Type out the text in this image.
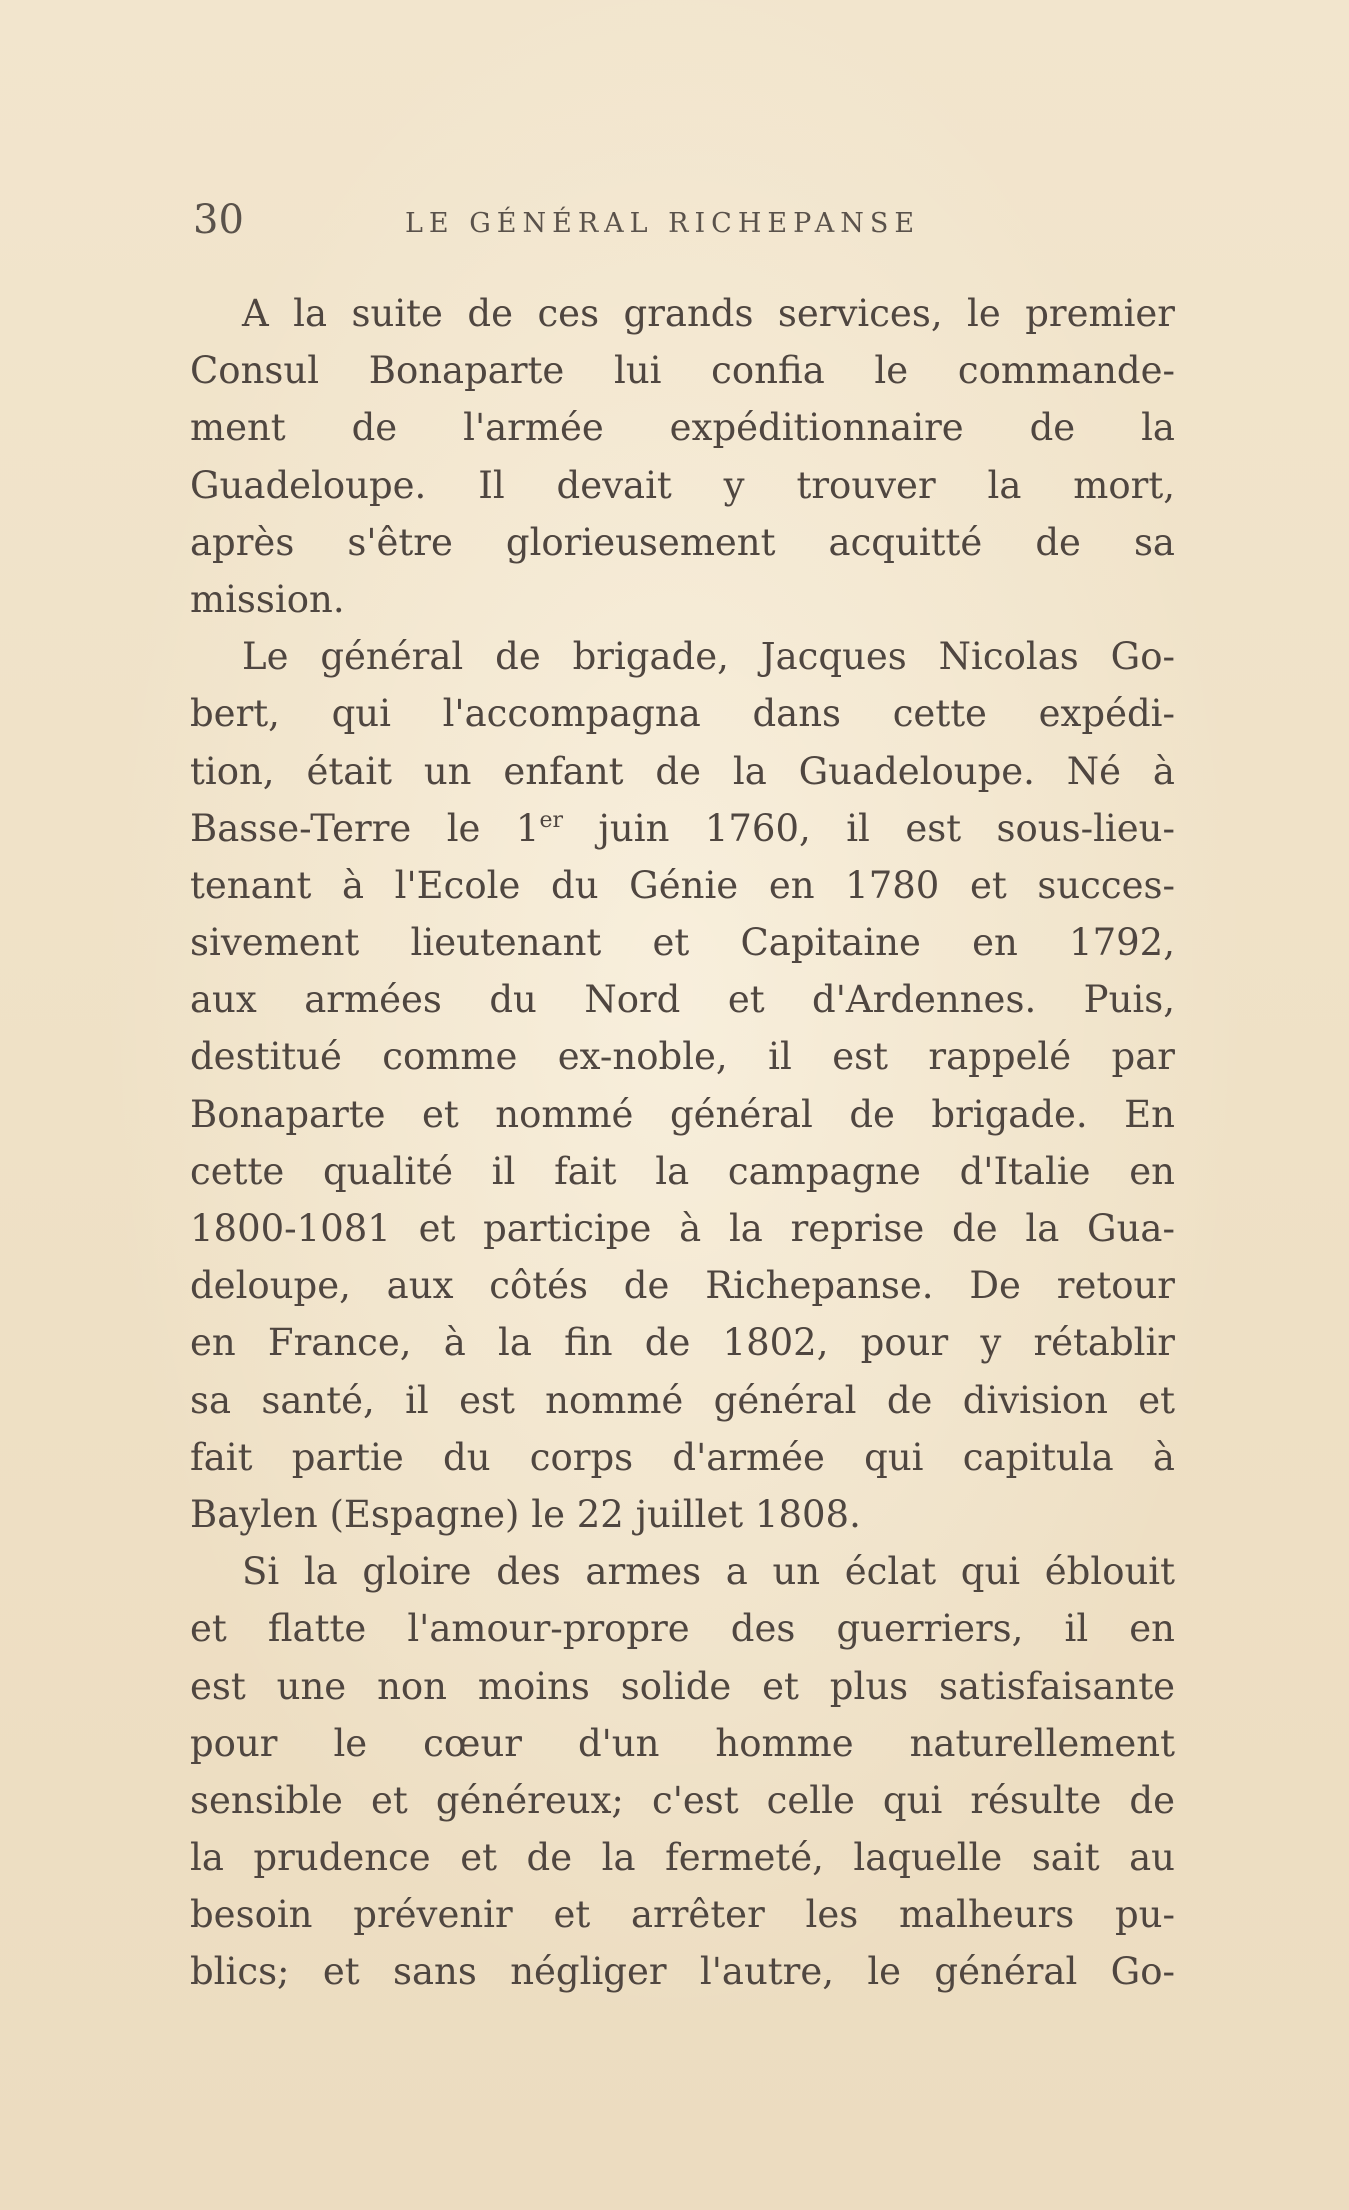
30	LE GÉNÉRAL RICHEPANSE
A la suite de ces grands services, le premier
Consul Bonaparte lui confia le commande-
ment de l'armée expéditionnaire de la
Guadeloupe. Il devait y trouver la mort,
après s'être glorieusement acquitté de sa
mission.
Le général de brigade, Jacques Nicolas Go-
bert, qui l'accompagna dans cette expédi-
tion, était un enfant de la Guadeloupe. Né à
Basse-Terre le 1er juin 1760, il est sous-lieu-
tenant à l'Ecole du Génie en 1780 et succes-
sivement lieutenant et Capitaine en 1792,
aux armées du Nord et d'Ardennes. Puis,
destitué comme ex-noble, il est rappelé par
Bonaparte et nommé général de brigade. En
cette qualité il fait la campagne d'Italie en
1800-1081 et participe à la reprise de la Gua-
deloupe, aux côtés de Richepanse. De retour
en France, à la fin de 1802, pour y rétablir
sa santé, il est nommé général de division et
fait partie du corps d'armée qui capitula à
Baylen (Espagne) le 22 juillet 1808.
Si la gloire des armes a un éclat qui éblouit
et flatte l'amour-propre des guerriers, il en
est une non moins solide et plus satisfaisante
pour le cœur d'un homme naturellement
sensible et généreux; c'est celle qui résulte de
la prudence et de la fermeté, laquelle sait au
besoin prévenir et arrêter les malheurs pu-
blics; et sans négliger l'autre, le général Go-
